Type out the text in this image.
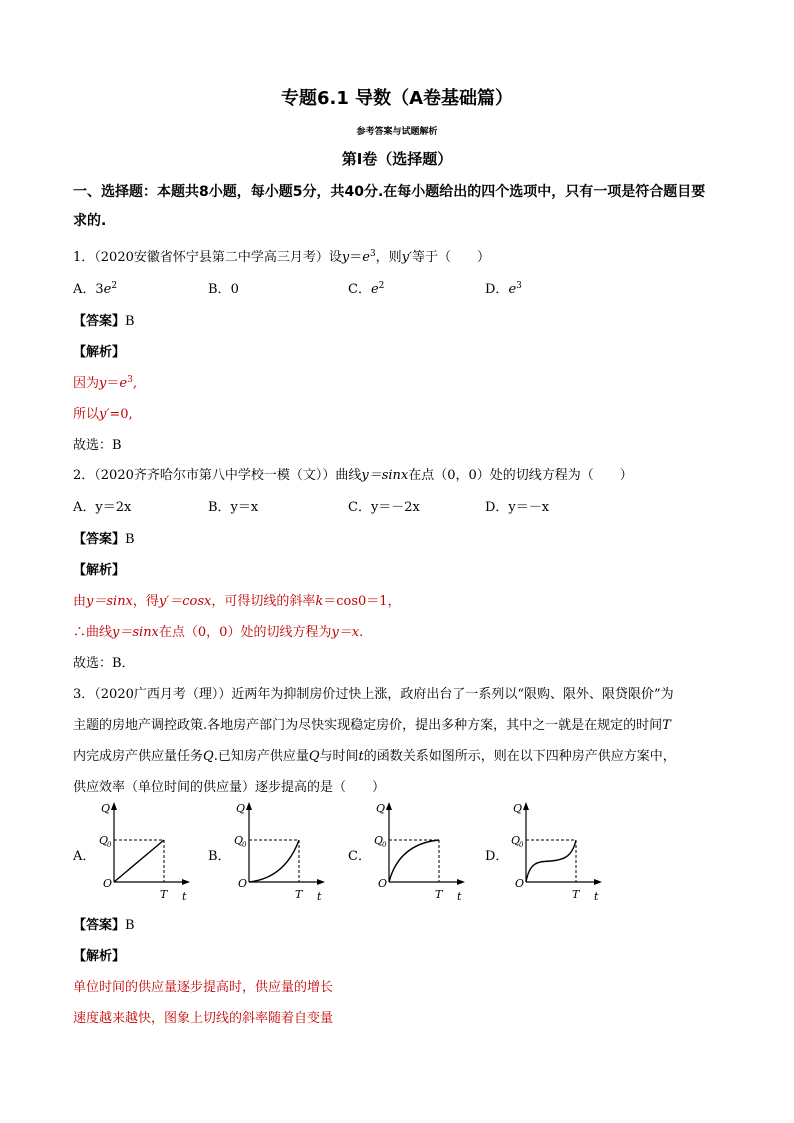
专题6.1 导数（A卷基础篇）
参考答案与试题解析
第Ⅰ卷（选择题）
一、选择题：本题共8小题，每小题5分，共40分.在每小题给出的四个选项中，只有一项是符合题目要
求的.
1．（2020安徽省怀宁县第二中学高三月考）设$y=e^3$，则y′等于（　　）
A．$3e^2$	B．0	C．$e^2$	D．$e^3$
【答案】B
【解析】
因为$y=e^3$,
所以y′=0,
故选：B
2．（2020齐齐哈尔市第八中学校一模（文））曲线y＝sinx在点（0，0）处的切线方程为（　　）
A．y＝2x	B．y＝x	C．y＝－2x	D．y＝－x
【答案】B
【解析】
由y＝sinx，得y′＝cosx，可得切线的斜率k＝cos0＝1，
∴曲线y＝sinx在点（0，0）处的切线方程为y＝x.
故选：B．
3．（2020广西月考（理））近两年为抑制房价过快上涨，政府出台了一系列以“限购、限外、限贷限价”为
主题的房地产调控政策.各地房产部门为尽快实现稳定房价，提出多种方案，其中之一就是在规定的时间T
内完成房产供应量任务Q.已知房产供应量Q与时间t的函数关系如图所示，则在以下四种房产供应方案中，
供应效率（单位时间的供应量）逐步提高的是（　　）
A．	B．	C．	D．
Q
Q
0
O
T t
Q
Q
0
O
T t
Q
Q
0
O
T t
Q
Q
0
O
T t
【答案】B
【解析】
单位时间的供应量逐步提高时，供应量的增长
速度越来越快，图象上切线的斜率随着自变量
